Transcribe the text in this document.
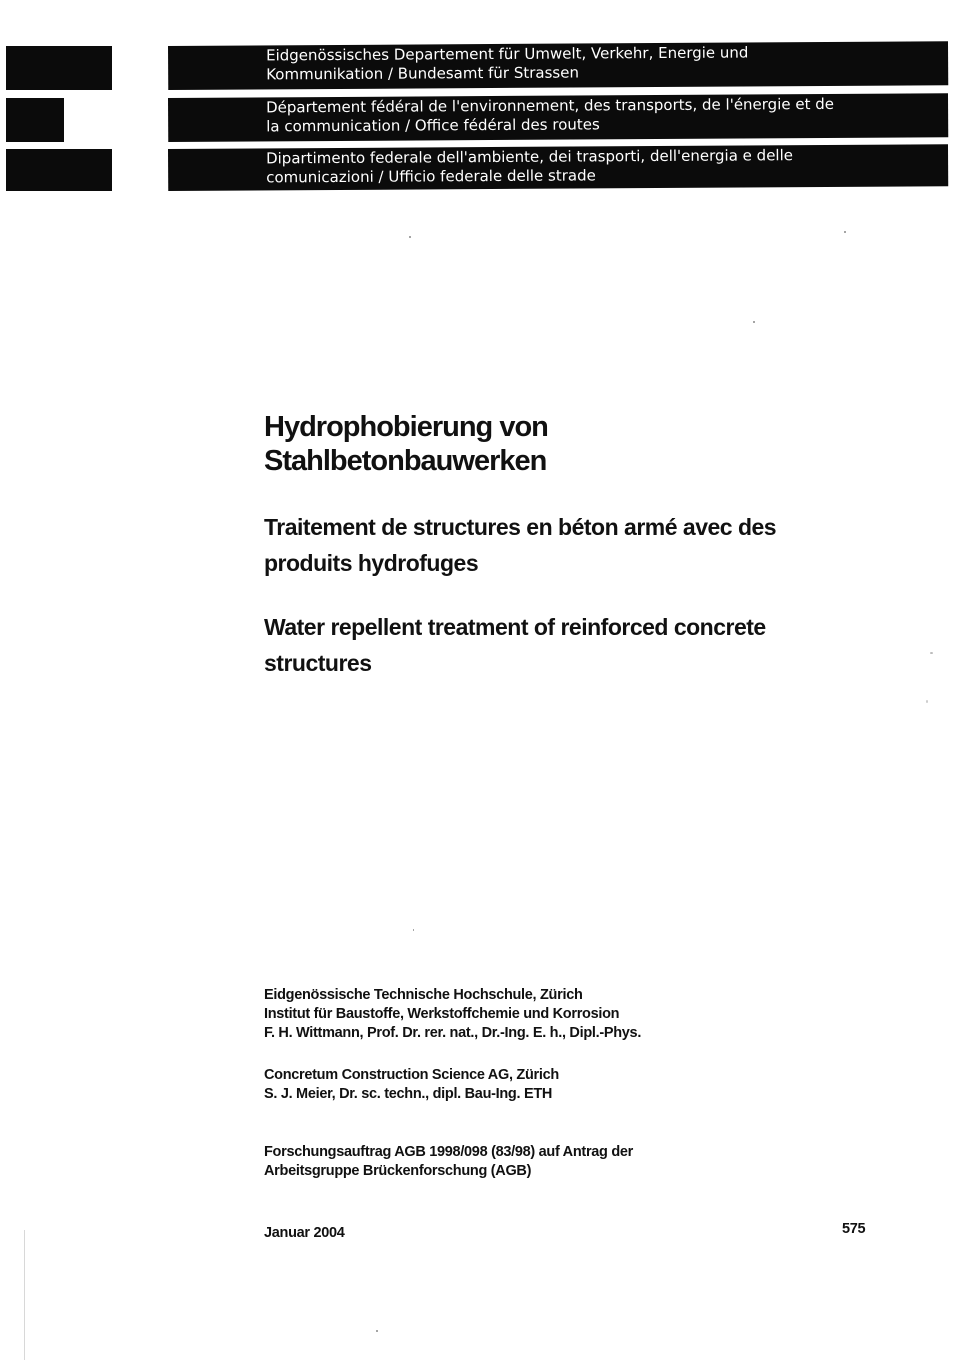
Eidgenössisches Departement für Umwelt, Verkehr, Energie und
Kommunikation / Bundesamt für Strassen
Département fédéral de l'environnement, des transports, de l'énergie et de
la communication / Office fédéral des routes
Dipartimento federale dell'ambiente, dei trasporti, dell'energia e delle
comunicazioni / Ufficio federale delle strade
Hydrophobierung von
Stahlbetonbauwerken
Traitement de structures en béton armé avec des
produits hydrofuges
Water repellent treatment of reinforced concrete
structures
Eidgenössische Technische Hochschule, Zürich
Institut für Baustoffe, Werkstoffchemie und Korrosion
F. H. Wittmann, Prof. Dr. rer. nat., Dr.-Ing. E. h., Dipl.-Phys.
Concretum Construction Science AG, Zürich
S. J. Meier, Dr. sc. techn., dipl. Bau-Ing. ETH
Forschungsauftrag AGB 1998/098 (83/98) auf Antrag der
Arbeitsgruppe Brückenforschung (AGB)
Januar 2004	575
